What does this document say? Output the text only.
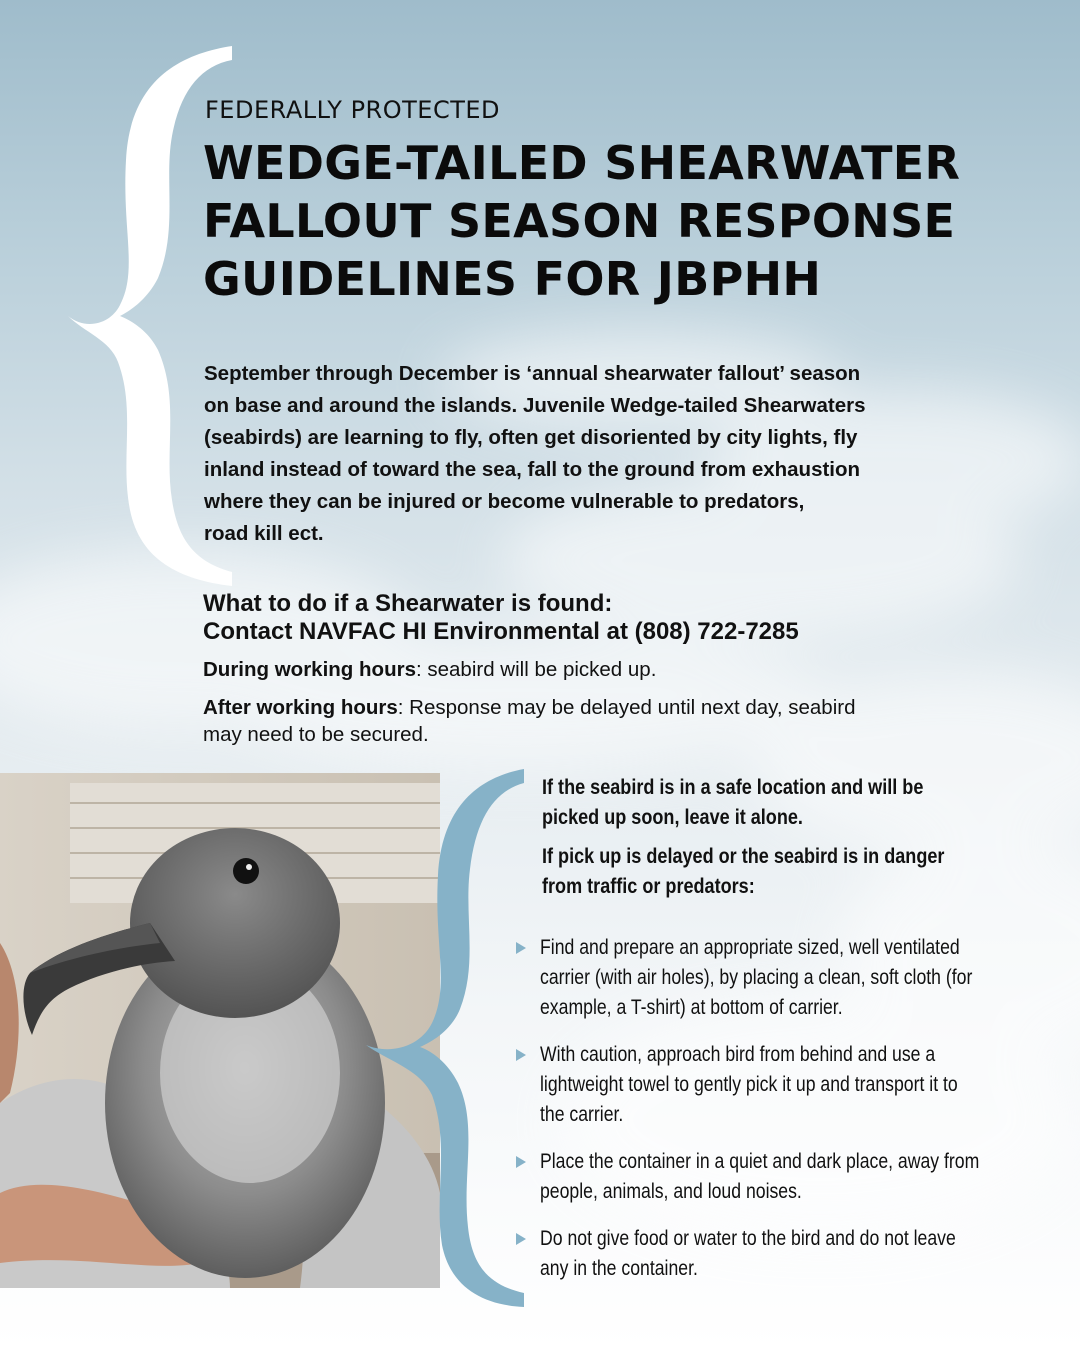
FEDERALLY PROTECTED
WEDGE-TAILED SHEARWATER
FALLOUT SEASON RESPONSE
GUIDELINES FOR JBPHH
September through December is ‘annual shearwater fallout’ season
on base and around the islands. Juvenile Wedge-tailed Shearwaters
(seabirds) are learning to fly, often get disoriented by city lights, fly
inland instead of toward the sea, fall to the ground from exhaustion
where they can be injured or become vulnerable to predators,
road kill ect.
What to do if a Shearwater is found:
Contact NAVFAC HI Environmental at (808) 722-7285
During working hours: seabird will be picked up.
After working hours: Response may be delayed until next day, seabird
may need to be secured.
If the seabird is in a safe location and will be
picked up soon, leave it alone.
If pick up is delayed or the seabird is in danger
from traffic or predators:
Find and prepare an appropriate sized, well ventilated
carrier (with air holes), by placing a clean, soft cloth (for
example, a T-shirt) at bottom of carrier.
With caution, approach bird from behind and use a
lightweight towel to gently pick it up and transport it to
the carrier.
Place the container in a quiet and dark place, away from
people, animals, and loud noises.
Do not give food or water to the bird and do not leave
any in the container.
